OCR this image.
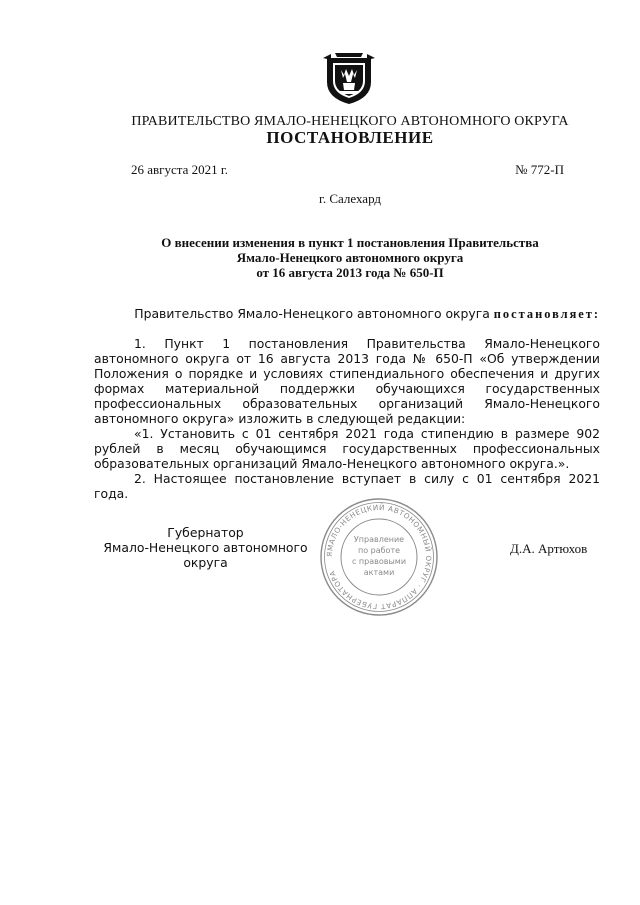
ПРАВИТЕЛЬСТВО ЯМАЛО-НЕНЕЦКОГО АВТОНОМНОГО ОКРУГА
ПОСТАНОВЛЕНИЕ
26 августа 2021 г.	№ 772-П
г. Салехард
О внесении изменения в пункт 1 постановления Правительства
Ямало-Ненецкого автономного округа
от 16 августа 2013 года № 650-П
Правительство Ямало-Ненецкого автономного округа постановляет:

1. Пункт 1 постановления Правительства Ямало-Ненецкого автономного округа от 16 августа 2013 года № 650-П «Об утверждении Положения о порядке и условиях стипендиального обеспечения и других формах материальной поддержки обучающихся государственных профессиональных образовательных организаций Ямало-Ненецкого автономного округа» изложить в следующей редакции:

«1. Установить с 01 сентября 2021 года стипендию в размере 902 рублей в месяц обучающимся государственных профессиональных образовательных организаций Ямало-Ненецкого автономного округа.».

2. Настоящее постановление вступает в силу с 01 сентября 2021 года.

Губернатор
Ямало-Ненецкого автономного округа
Д.А. Артюхов
ЯМАЛО-НЕНЕЦКИЙ АВТОНОМНЫЙ ОКРУГ · АППАРАТ ГУБЕРНАТОРА
Управление
по работе
с правовыми
актами
